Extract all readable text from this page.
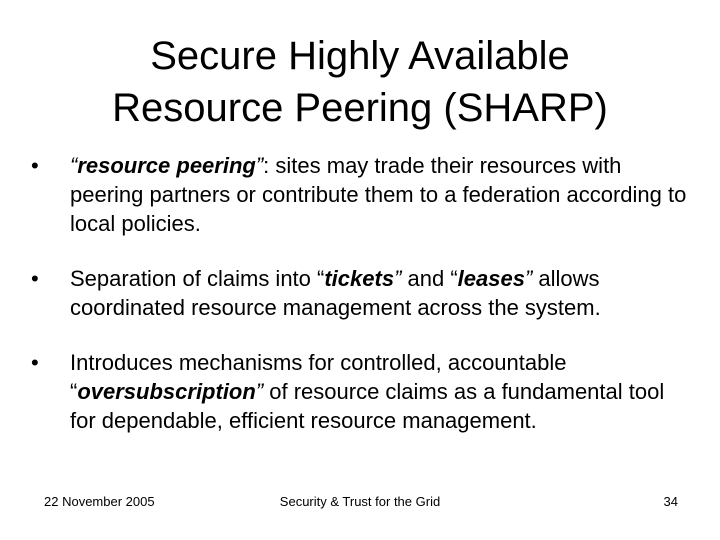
Secure Highly Available
Resource Peering (SHARP)
• “resource peering”: sites may trade their resources with peering partners or contribute them to a federation according to local policies.
• Separation of claims into “tickets” and “leases” allows coordinated resource management across the system.
• Introduces mechanisms for controlled, accountable “oversubscription” of resource claims as a fundamental tool for dependable, efficient resource management.
22 November 2005	Security & Trust for the Grid	34
